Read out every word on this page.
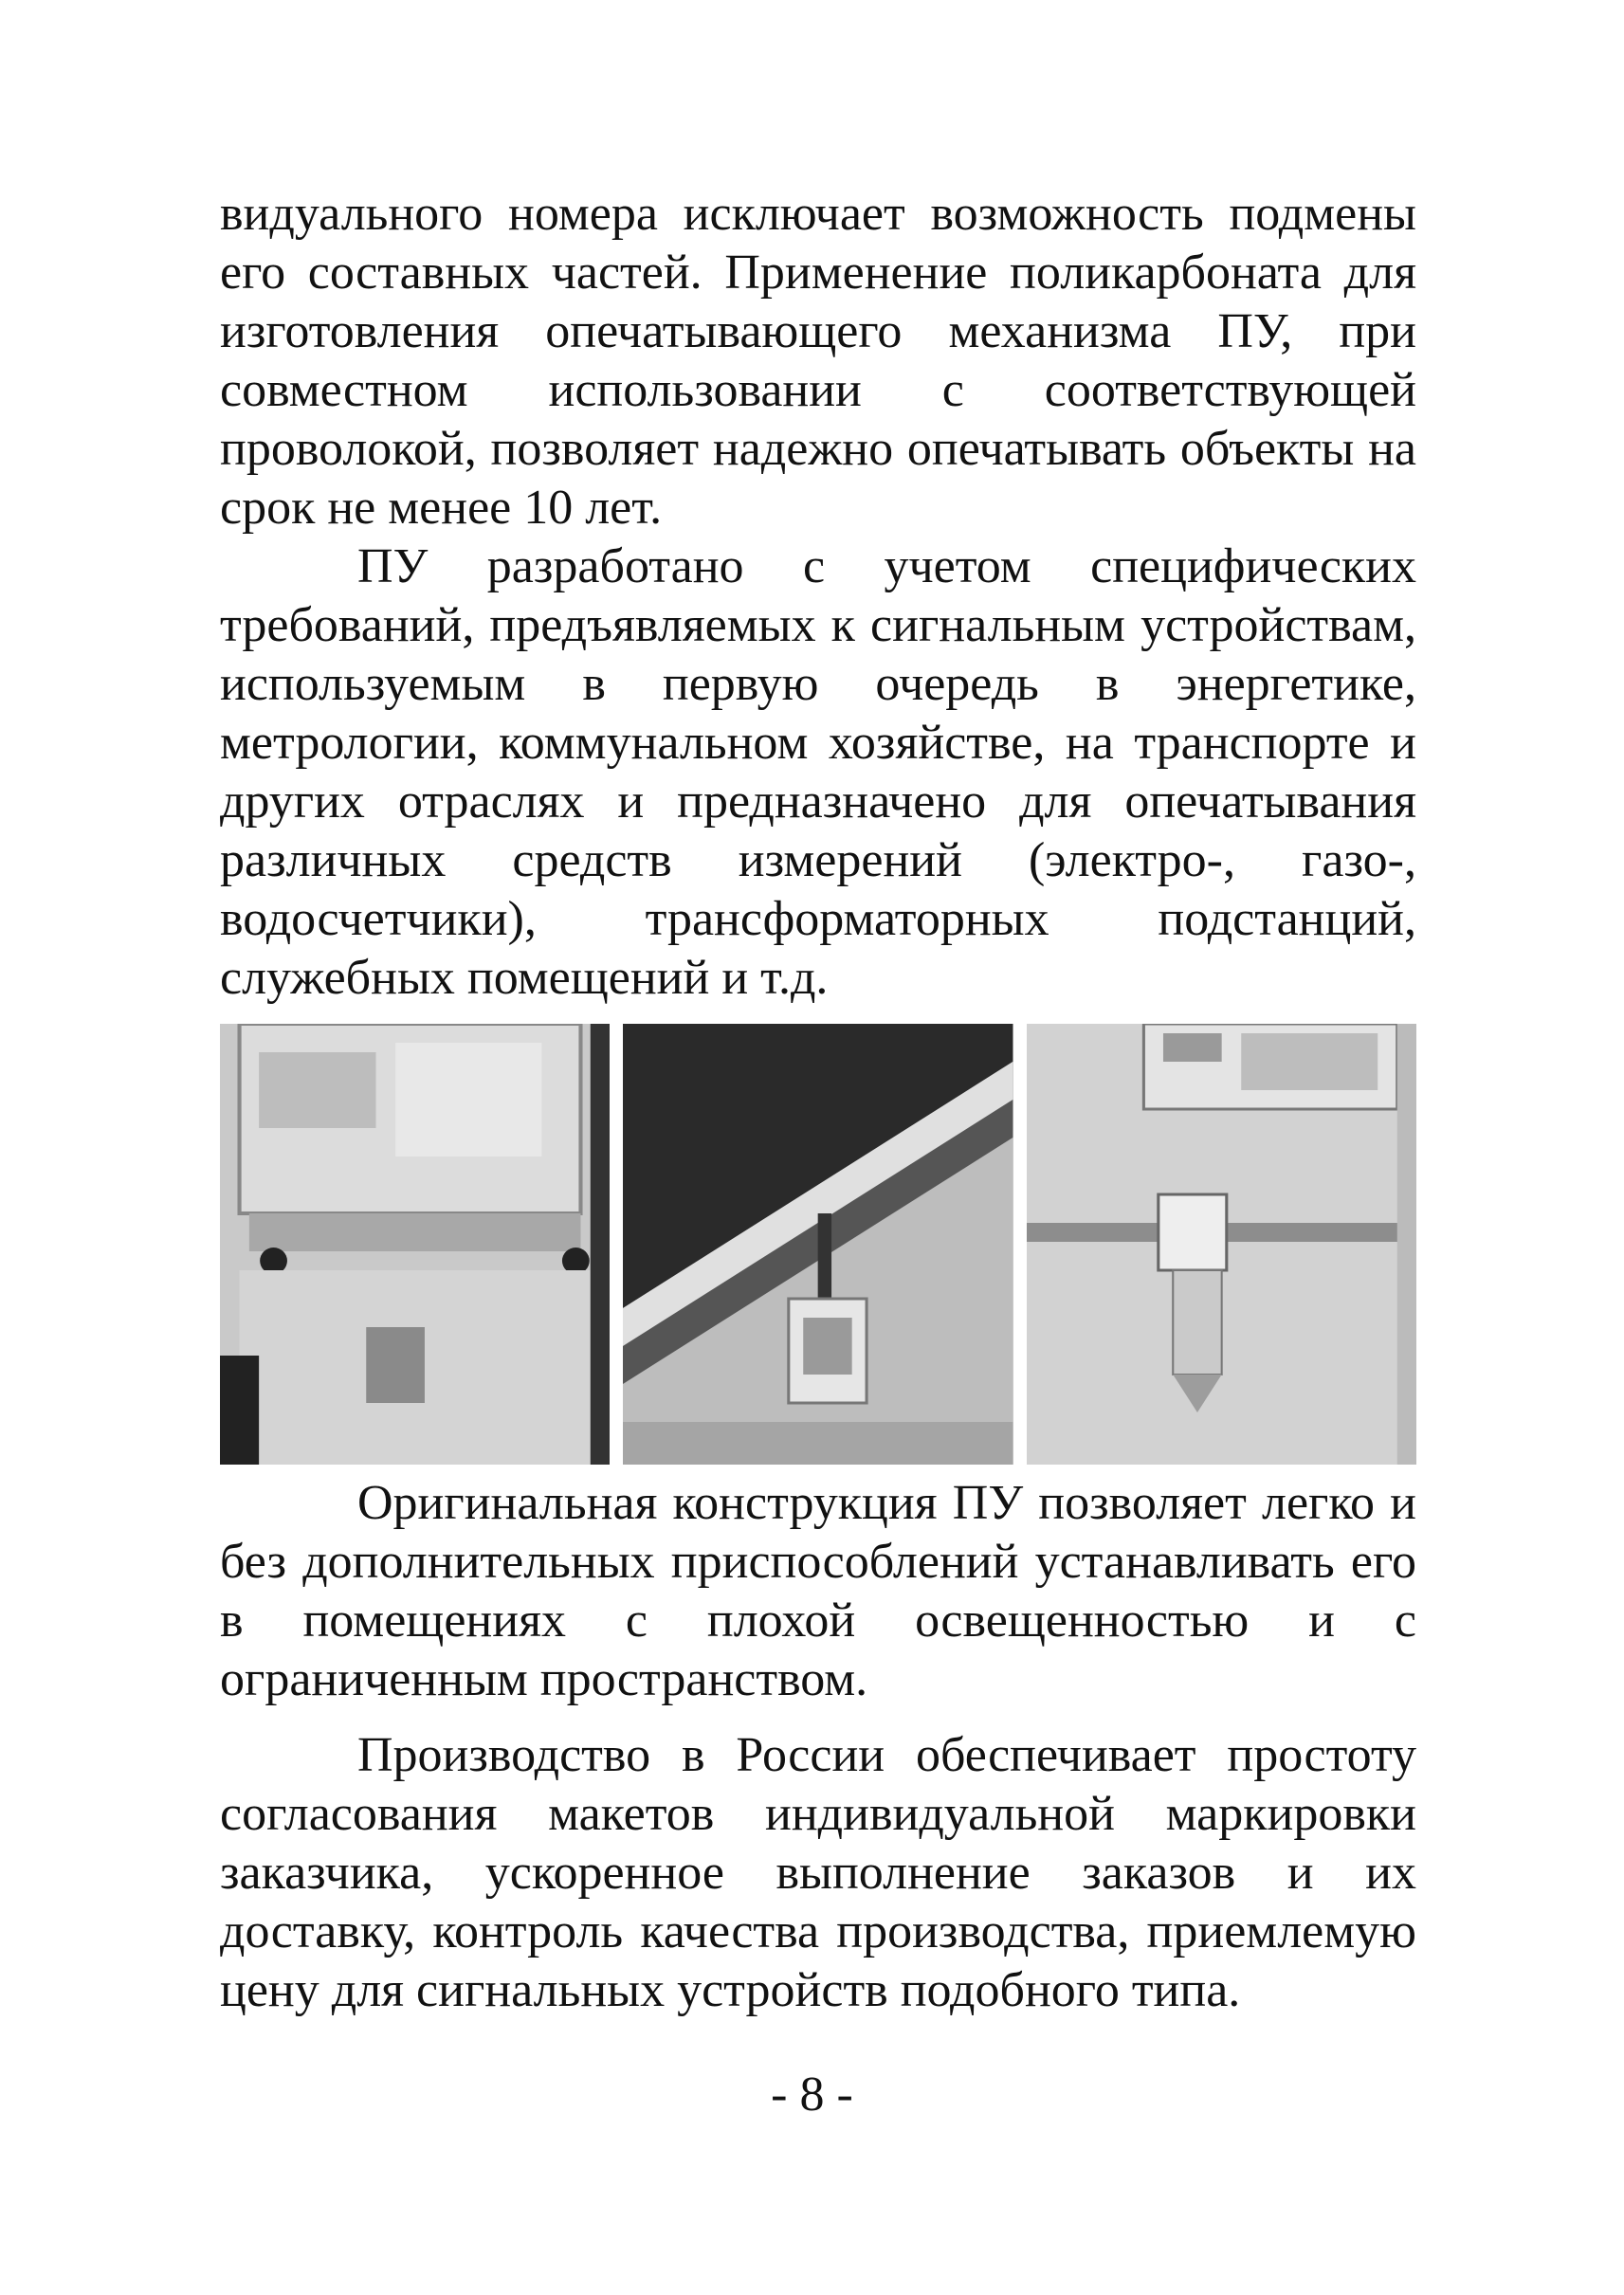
видуального номера исключает возможность подмены его составных частей. Применение поликарбоната для изготовления опечатывающего механизма ПУ, при совместном использовании с соответствующей проволокой, позволяет надежно опечатывать объекты на срок не менее 10 лет.

ПУ разработано с учетом специфических требований, предъявляемых к сигнальным устройствам, используемым в первую очередь в энергетике, метрологии, коммунальном хозяйстве, на транспорте и других отраслях и предназначено для опечатывания различных средств измерений (электро-, газо-, водосчетчики), трансформаторных подстанций, служебных помещений и т.д.

Оригинальная конструкция ПУ позволяет легко и без дополнительных приспособлений устанавливать его в помещениях с плохой освещенностью и с ограниченным пространством.

Производство в России обеспечивает простоту согласования макетов индивидуальной маркировки заказчика, ускоренное выполнение заказов и их доставку, контроль качества производства, приемлемую цену для сигнальных устройств подобного типа.

- 8 -
